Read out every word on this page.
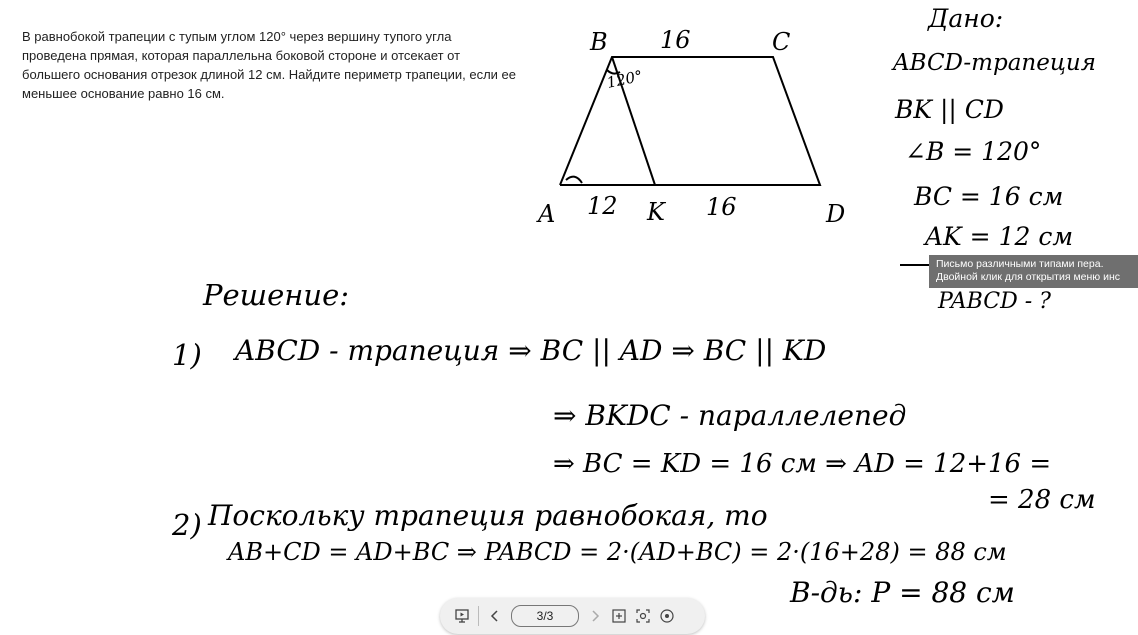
В равнобокой трапеции с тупым углом 120° через вершину тупого угла проведена прямая, которая параллельна боковой стороне и отсекает от большего основания отрезок длиной 12 см. Найдите периметр трапеции, если ее меньшее основание равно 16 см.
B 16	C
A 12 K 16	D
120°
Дано:
ABCD-трапеция
BK || CD
∠B = 120°
BC = 16 см
AK = 12 см
PABCD - ?
Решение:
1) ABCD - трапеция ⇒ BC || AD ⇒ BC || KD
⇒ BKDC - параллелепед
⇒ BC = KD = 16 см ⇒ AD = 12+16 =
= 28 см
2) Поскольку трапеция равнобокая, то
AB+CD = AD+BC ⇒ PABCD = 2·(AD+BC) = 2·(16+28) = 88 см
В-дь: P = 88 см
Письмо различными типами пера.
Двойной клик для открытия меню инс
3/3
